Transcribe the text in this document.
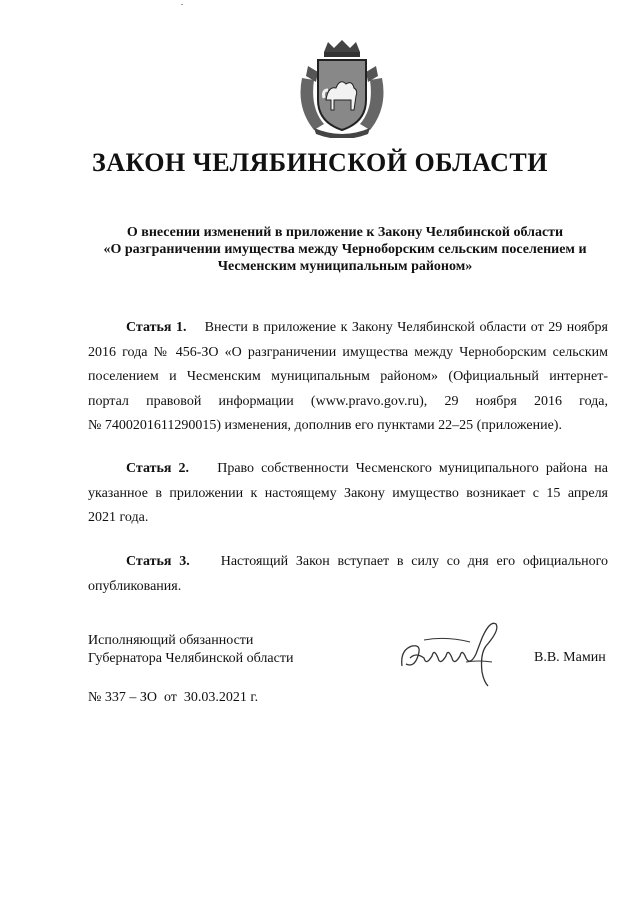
ЗАКОН ЧЕЛЯБИНСКОЙ ОБЛАСТИ
О внесении изменений в приложение к Закону Челябинской области
«О разграничении имущества между Черноборским сельским поселением и
Чесменским муниципальным районом»
Статья 1. Внести в приложение к Закону Челябинской области от 29 ноября
2016 года № 456-ЗО «О разграничении имущества между Черноборским сельским
поселением и Чесменским муниципальным районом» (Официальный интернет-
портал правовой информации (www.pravo.gov.ru), 29 ноября 2016 года,
№ 7400201611290015) изменения, дополнив его пунктами 22–25 (приложение).
Статья 2. Право собственности Чесменского муниципального района на
указанное в приложении к настоящему Закону имущество возникает с 15 апреля
2021 года.
Статья 3. Настоящий Закон вступает в силу со дня его официального
опубликования.
Исполняющий обязанности
Губернатора Челябинской области	В.В. Мамин
№ 337 – ЗО  от  30.03.2021 г.
